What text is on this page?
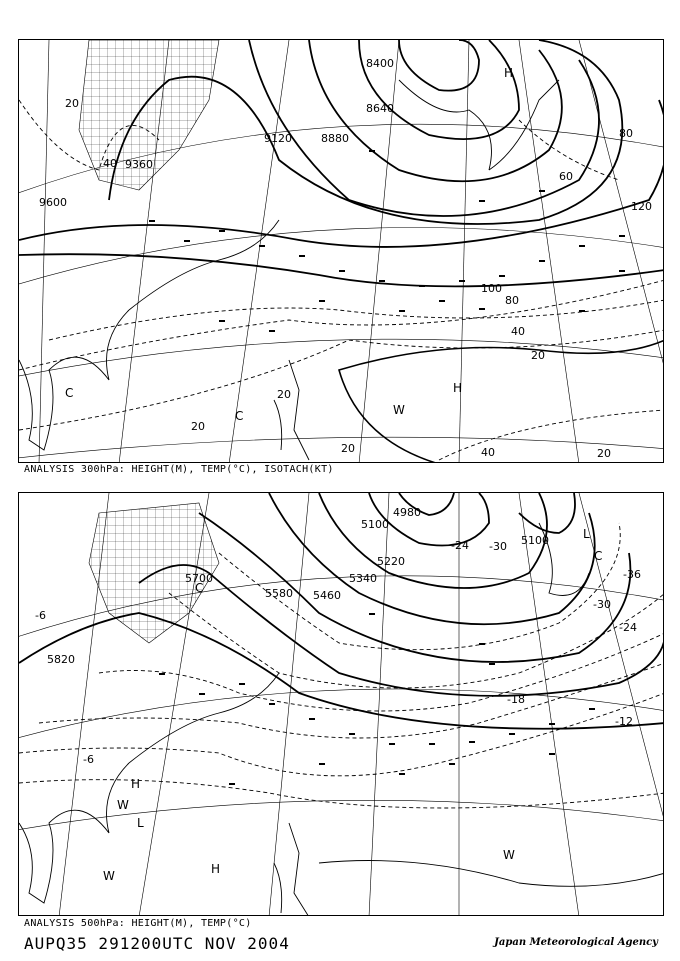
9600
9360
9120	8880
8640
8400
20
40
60
80
100
120
80
40
20
20
20
20	20
40
H
H
C
C	W
ANALYSIS 300hPa: HEIGHT(M), TEMP(°C), ISOTACH(KT)
5820
5700
5580 5460
5340
5220
5100
5100
4980
-6
-12
-18
-24
-30
-36
-30
-24
-6
H
W
L
W	H
W
L
C
C
ANALYSIS 500hPa: HEIGHT(M), TEMP(°C)
AUPQ35 291200UTC NOV 2004	Japan Meteorological Agency
